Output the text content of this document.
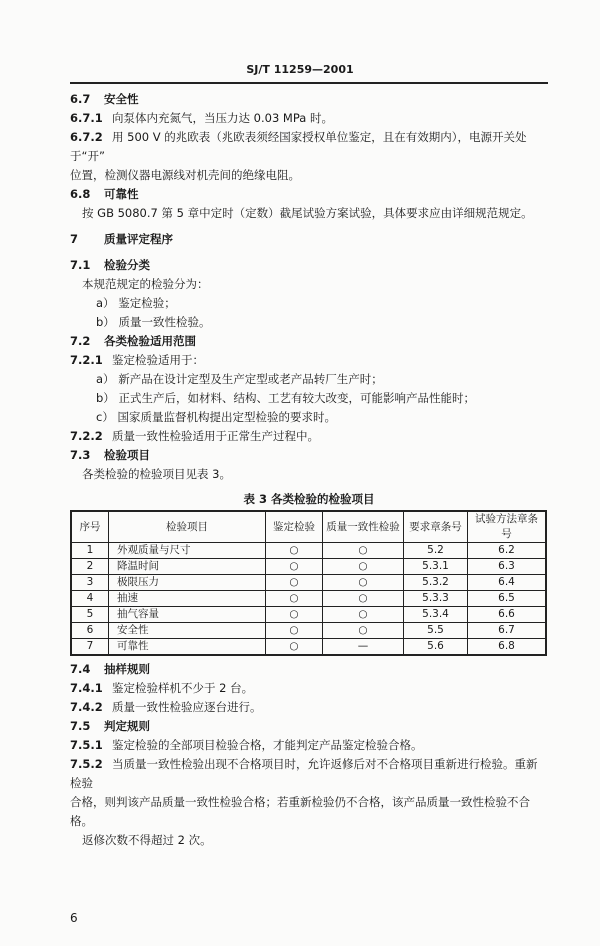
SJ/T 11259—2001
6.7 安全性
6.7.1 向泵体内充氮气，当压力达 0.03 MPa 时。
6.7.2 用 500 V 的兆欧表（兆欧表须经国家授权单位鉴定，且在有效期内），电源开关处于“开”
位置，检测仪器电源线对机壳间的绝缘电阻。
6.8 可靠性
按 GB 5080.7 第 5 章中定时（定数）截尾试验方案试验，具体要求应由详细规范规定。
7 质量评定程序
7.1 检验分类
本规范规定的检验分为：
a） 鉴定检验；
b） 质量一致性检验。
7.2 各类检验适用范围
7.2.1 鉴定检验适用于：
a） 新产品在设计定型及生产定型或老产品转厂生产时；
b） 正式生产后，如材料、结构、工艺有较大改变，可能影响产品性能时；
c） 国家质量监督机构提出定型检验的要求时。
7.2.2 质量一致性检验适用于正常生产过程中。
7.3 检验项目
各类检验的检验项目见表 3。
表 3 各类检验的检验项目
序号	检验项目	鉴定检验	质量一致性检验	要求章条号	试验方法章条号
1	外观质量与尺寸	○	○	5.2	6.2
2	降温时间	○	○	5.3.1	6.3
3	极限压力	○	○	5.3.2	6.4
4	抽速	○	○	5.3.3	6.5
5	抽气容量	○	○	5.3.4	6.6
6	安全性	○	○	5.5	6.7
7	可靠性	○	—	5.6	6.8
7.4 抽样规则
7.4.1 鉴定检验样机不少于 2 台。
7.4.2 质量一致性检验应逐台进行。
7.5 判定规则
7.5.1 鉴定检验的全部项目检验合格，才能判定产品鉴定检验合格。
7.5.2 当质量一致性检验出现不合格项目时，允许返修后对不合格项目重新进行检验。重新检验
合格，则判该产品质量一致性检验合格；若重新检验仍不合格，该产品质量一致性检验不合格。
返修次数不得超过 2 次。
6
